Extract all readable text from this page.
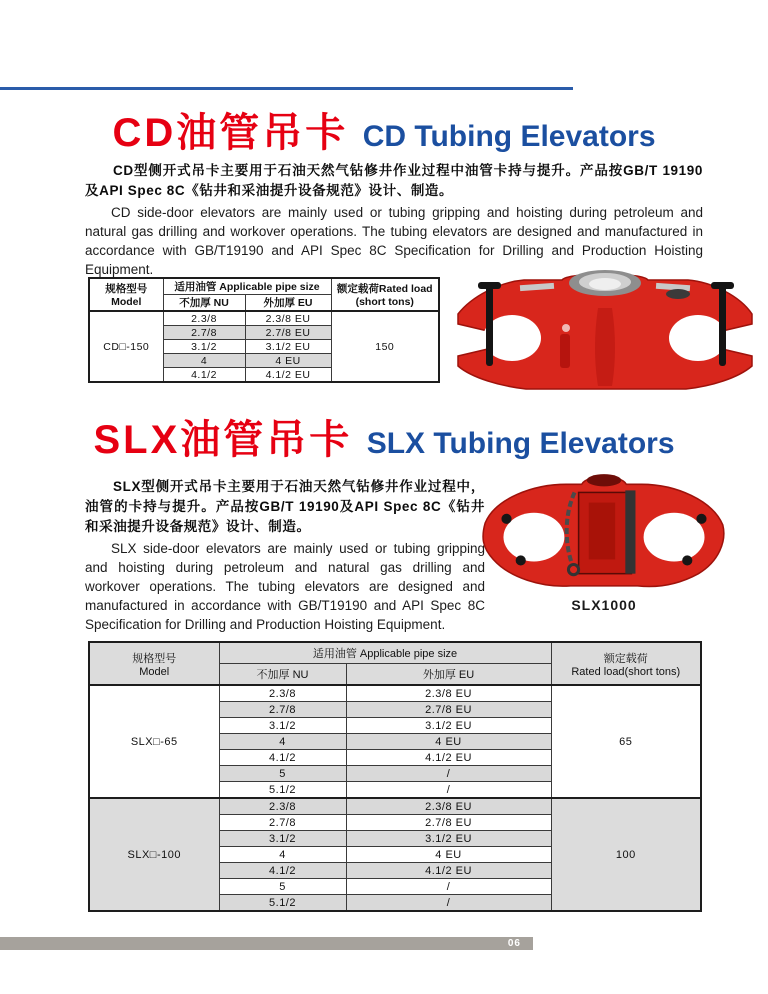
CD油管吊卡 CD Tubing Elevators

CD型侧开式吊卡主要用于石油天然气钻修井作业过程中油管卡持与提升。产品按GB/T 19190及API Spec 8C《钻井和采油提升设备规范》设计、制造。

CD side-door elevators are mainly used or tubing gripping and hoisting during petroleum and natural gas drilling and workover operations. The tubing elevators are designed and manufactured in accordance with GB/T19190 and API Spec 8C Specification for Drilling and Production Hoisting Equipment.

规格型号
Model
	适用油管 Applicable pipe size	额定载荷Rated load
(short tons)

	不加厚 NU	外加厚 EU	
CD□-150	2.3/8	2.3/8 EU	150
	2.7/8	2.7/8 EU	
	3.1/2	3.1/2 EU	
	4	4 EU	
	4.1/2	4.1/2 EU	
SLX油管吊卡 SLX Tubing Elevators

SLX型侧开式吊卡主要用于石油天然气钻修井作业过程中，油管的卡持与提升。产品按GB/T 19190及API Spec 8C《钻井和采油提升设备规范》设计、制造。

SLX side-door elevators are mainly used or tubing gripping and hoisting during petroleum and natural gas drilling and workover operations. The tubing elevators are designed and manufactured in accordance with GB/T19190 and API Spec 8C Specification for Drilling and Production Hoisting Equipment.

SLX1000
规格型号
Model
	适用油管 Applicable pipe size	额定载荷
Rated load(short tons)

	不加厚 NU	外加厚 EU	
SLX□-65	2.3/8	2.3/8 EU	65
	2.7/8	2.7/8 EU	
	3.1/2	3.1/2 EU	
	4	4 EU	
	4.1/2	4.1/2 EU	
	5	/	
	5.1/2	/	
SLX□-100	2.3/8	2.3/8 EU	100
	2.7/8	2.7/8 EU	
	3.1/2	3.1/2 EU	
	4	4 EU	
	4.1/2	4.1/2 EU	
	5	/	
	5.1/2	/	
06
